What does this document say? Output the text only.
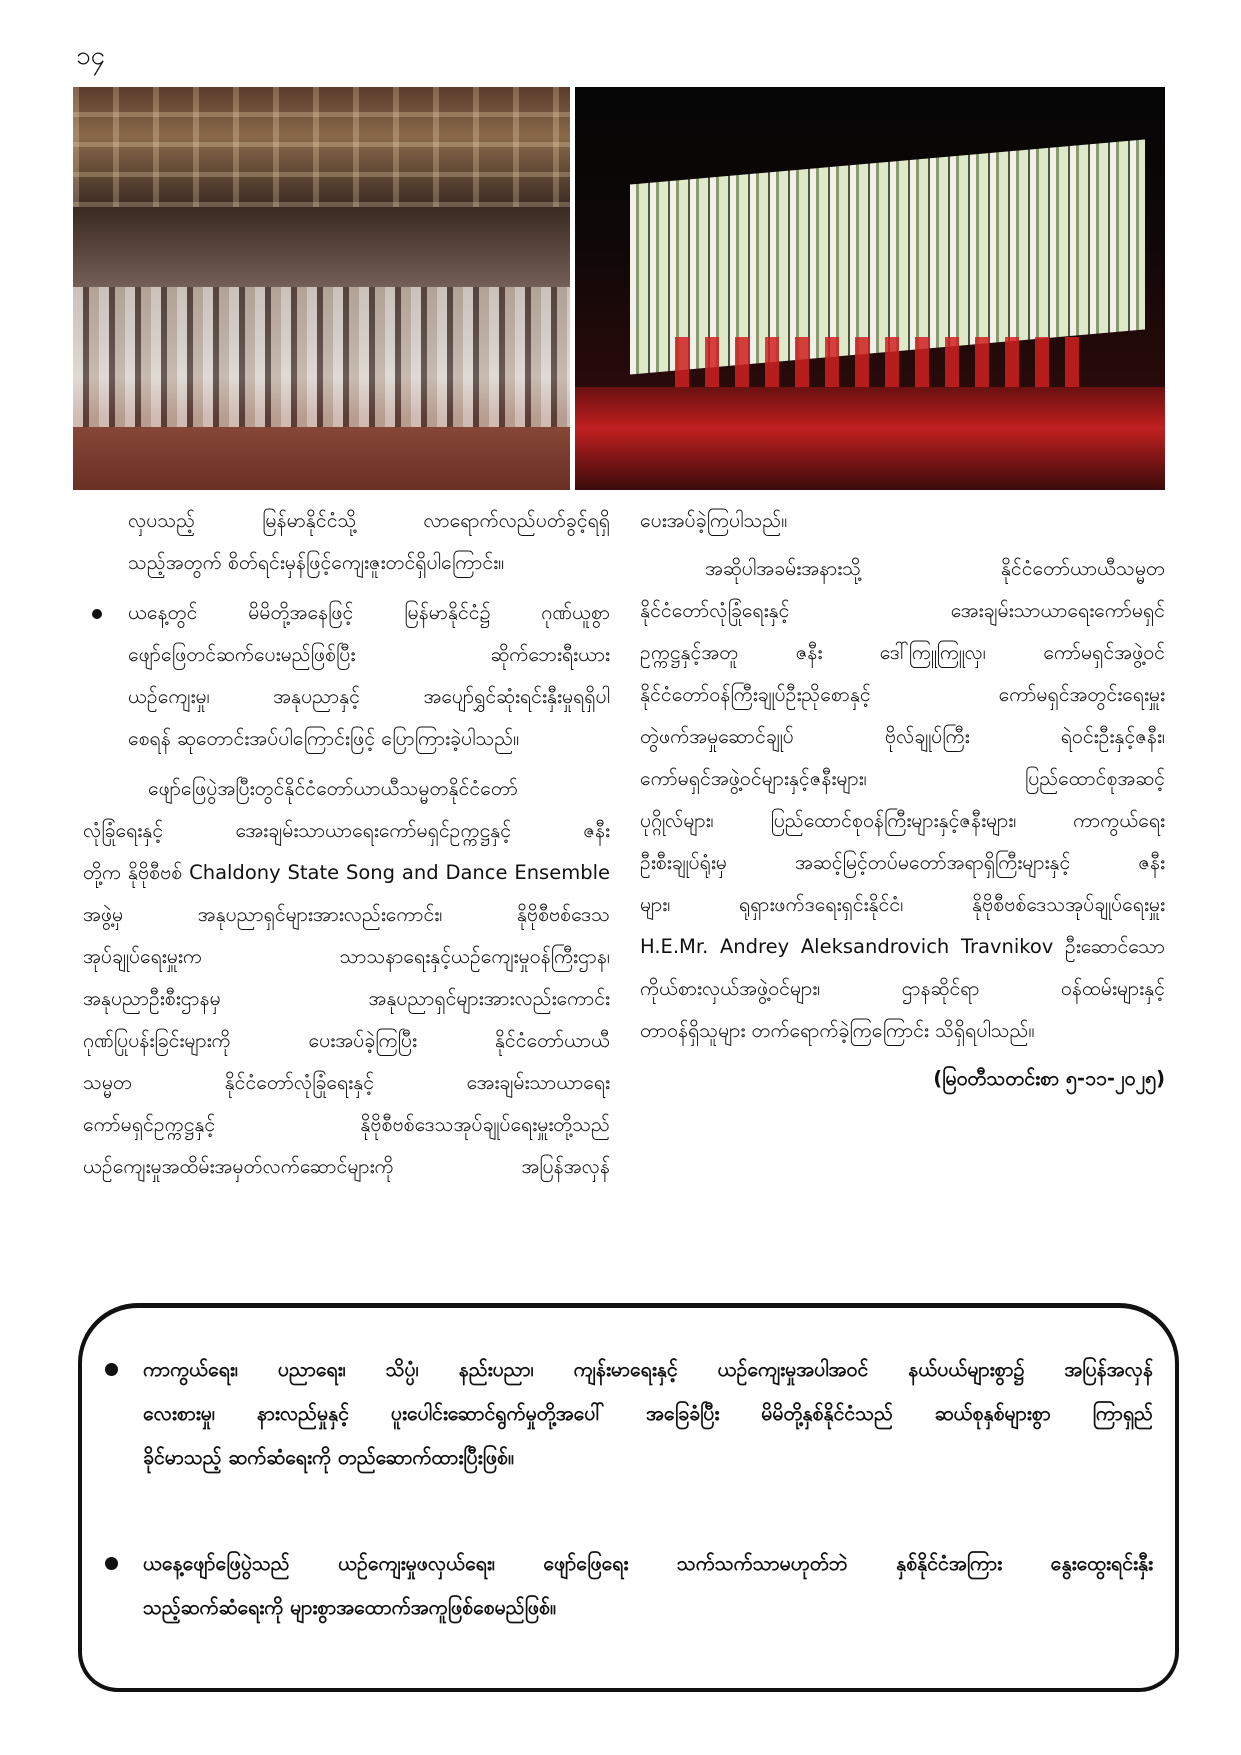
၁၄
လှပသည့် မြန်မာနိုင်ငံသို့ လာရောက်လည်ပတ်ခွင့်ရရှိ
သည့်အတွက် စိတ်ရင်းမှန်ဖြင့်ကျေးဇူးတင်ရှိပါကြောင်း။
ယနေ့တွင် မိမိတို့အနေဖြင့် မြန်မာနိုင်ငံ၌ ဂုဏ်ယူစွာ
ဖျော်ဖြေတင်ဆက်ပေးမည်ဖြစ်ပြီး ဆိုက်ဘေးရီးယား
ယဉ်ကျေးမှု၊ အနုပညာနှင့် အပျော်ရွှင်ဆုံးရင်းနှီးမှုရရှိပါ
စေရန် ဆုတောင်းအပ်ပါကြောင်းဖြင့် ပြောကြားခဲ့ပါသည်။
ဖျော်ဖြေပွဲအပြီးတွင်နိုင်ငံတော်ယာယီသမ္မတနိုင်ငံတော်
လုံခြုံရေးနှင့် အေးချမ်းသာယာရေးကော်မရှင်ဥက္ကဋ္ဌနှင့် ဇနီး
တို့က နိုဗိုစီဗစ် Chaldony State Song and Dance Ensemble
အဖွဲ့မှ အနုပညာရှင်များအားလည်းကောင်း၊ နိုဗိုစီဗစ်ဒေသ
အုပ်ချုပ်ရေးမှူးက သာသနာရေးနှင့်ယဉ်ကျေးမှုဝန်ကြီးဌာန၊
အနုပညာဦးစီးဌာနမှ အနုပညာရှင်များအားလည်းကောင်း
ဂုဏ်ပြုပန်းခြင်းများကို ပေးအပ်ခဲ့ကြပြီး နိုင်ငံတော်ယာယီ
သမ္မတ နိုင်ငံတော်လုံခြုံရေးနှင့် အေးချမ်းသာယာရေး
ကော်မရှင်ဥက္ကဋ္ဌနှင့် နိုဗိုစီဗစ်ဒေသအုပ်ချုပ်ရေးမှူးတို့သည်
ယဉ်ကျေးမှုအထိမ်းအမှတ်လက်ဆောင်များကို အပြန်အလှန်
ပေးအပ်ခဲ့ကြပါသည်။
အဆိုပါအခမ်းအနားသို့ နိုင်ငံတော်ယာယီသမ္မတ
နိုင်ငံတော်လုံခြုံရေးနှင့် အေးချမ်းသာယာရေးကော်မရှင်
ဥက္ကဋ္ဌနှင့်အတူ ဇနီး ဒေါ်ကြူကြူလှ၊ ကော်မရှင်အဖွဲ့ဝင်
နိုင်ငံတော်ဝန်ကြီးချုပ်ဦးညိုစောနှင့် ကော်မရှင်အတွင်းရေးမှူး
တွဲဖက်အမှုဆောင်ချုပ် ဗိုလ်ချုပ်ကြီး ရဲဝင်းဦးနှင့်ဇနီး၊
ကော်မရှင်အဖွဲ့ဝင်များနှင့်ဇနီးများ၊ ပြည်ထောင်စုအဆင့်
ပုဂ္ဂိုလ်များ၊ ပြည်ထောင်စုဝန်ကြီးများနှင့်ဇနီးများ၊ ကာကွယ်ရေး
ဦးစီးချုပ်ရုံးမှ အဆင့်မြင့်တပ်မတော်အရာရှိကြီးများနှင့် ဇနီး
များ၊ ရုရှားဖက်ဒရေးရှင်းနိုင်ငံ၊ နိုဗိုစီဗစ်ဒေသအုပ်ချုပ်ရေးမှူး
H.E.Mr. Andrey Aleksandrovich Travnikov ဦးဆောင်သော
ကိုယ်စားလှယ်အဖွဲ့ဝင်များ၊ ဌာနဆိုင်ရာ ဝန်ထမ်းများနှင့်
တာဝန်ရှိသူများ တက်ရောက်ခဲ့ကြကြောင်း သိရှိရပါသည်။
(မြဝတီသတင်းစာ ၅-၁၁-၂၀၂၅)
ကာကွယ်ရေး၊ ပညာရေး၊ သိပ္ပံ၊ နည်းပညာ၊ ကျန်းမာရေးနှင့် ယဉ်ကျေးမှုအပါအဝင် နယ်ပယ်များစွာ၌ အပြန်အလှန်
လေးစားမှု၊ နားလည်မှုနှင့် ပူးပေါင်းဆောင်ရွက်မှုတို့အပေါ် အခြေခံပြီး မိမိတို့နှစ်နိုင်ငံသည် ဆယ်စုနှစ်များစွာ ကြာရှည်
ခိုင်မာသည့် ဆက်ဆံရေးကို တည်ဆောက်ထားပြီးဖြစ်။
ယနေ့ဖျော်ဖြေပွဲသည် ယဉ်ကျေးမှုဖလှယ်ရေး၊ ဖျော်ဖြေရေး သက်သက်သာမဟုတ်ဘဲ နှစ်နိုင်ငံအကြား နွေးထွေးရင်းနှီး
သည့်ဆက်ဆံရေးကို များစွာအထောက်အကူဖြစ်စေမည်ဖြစ်။
